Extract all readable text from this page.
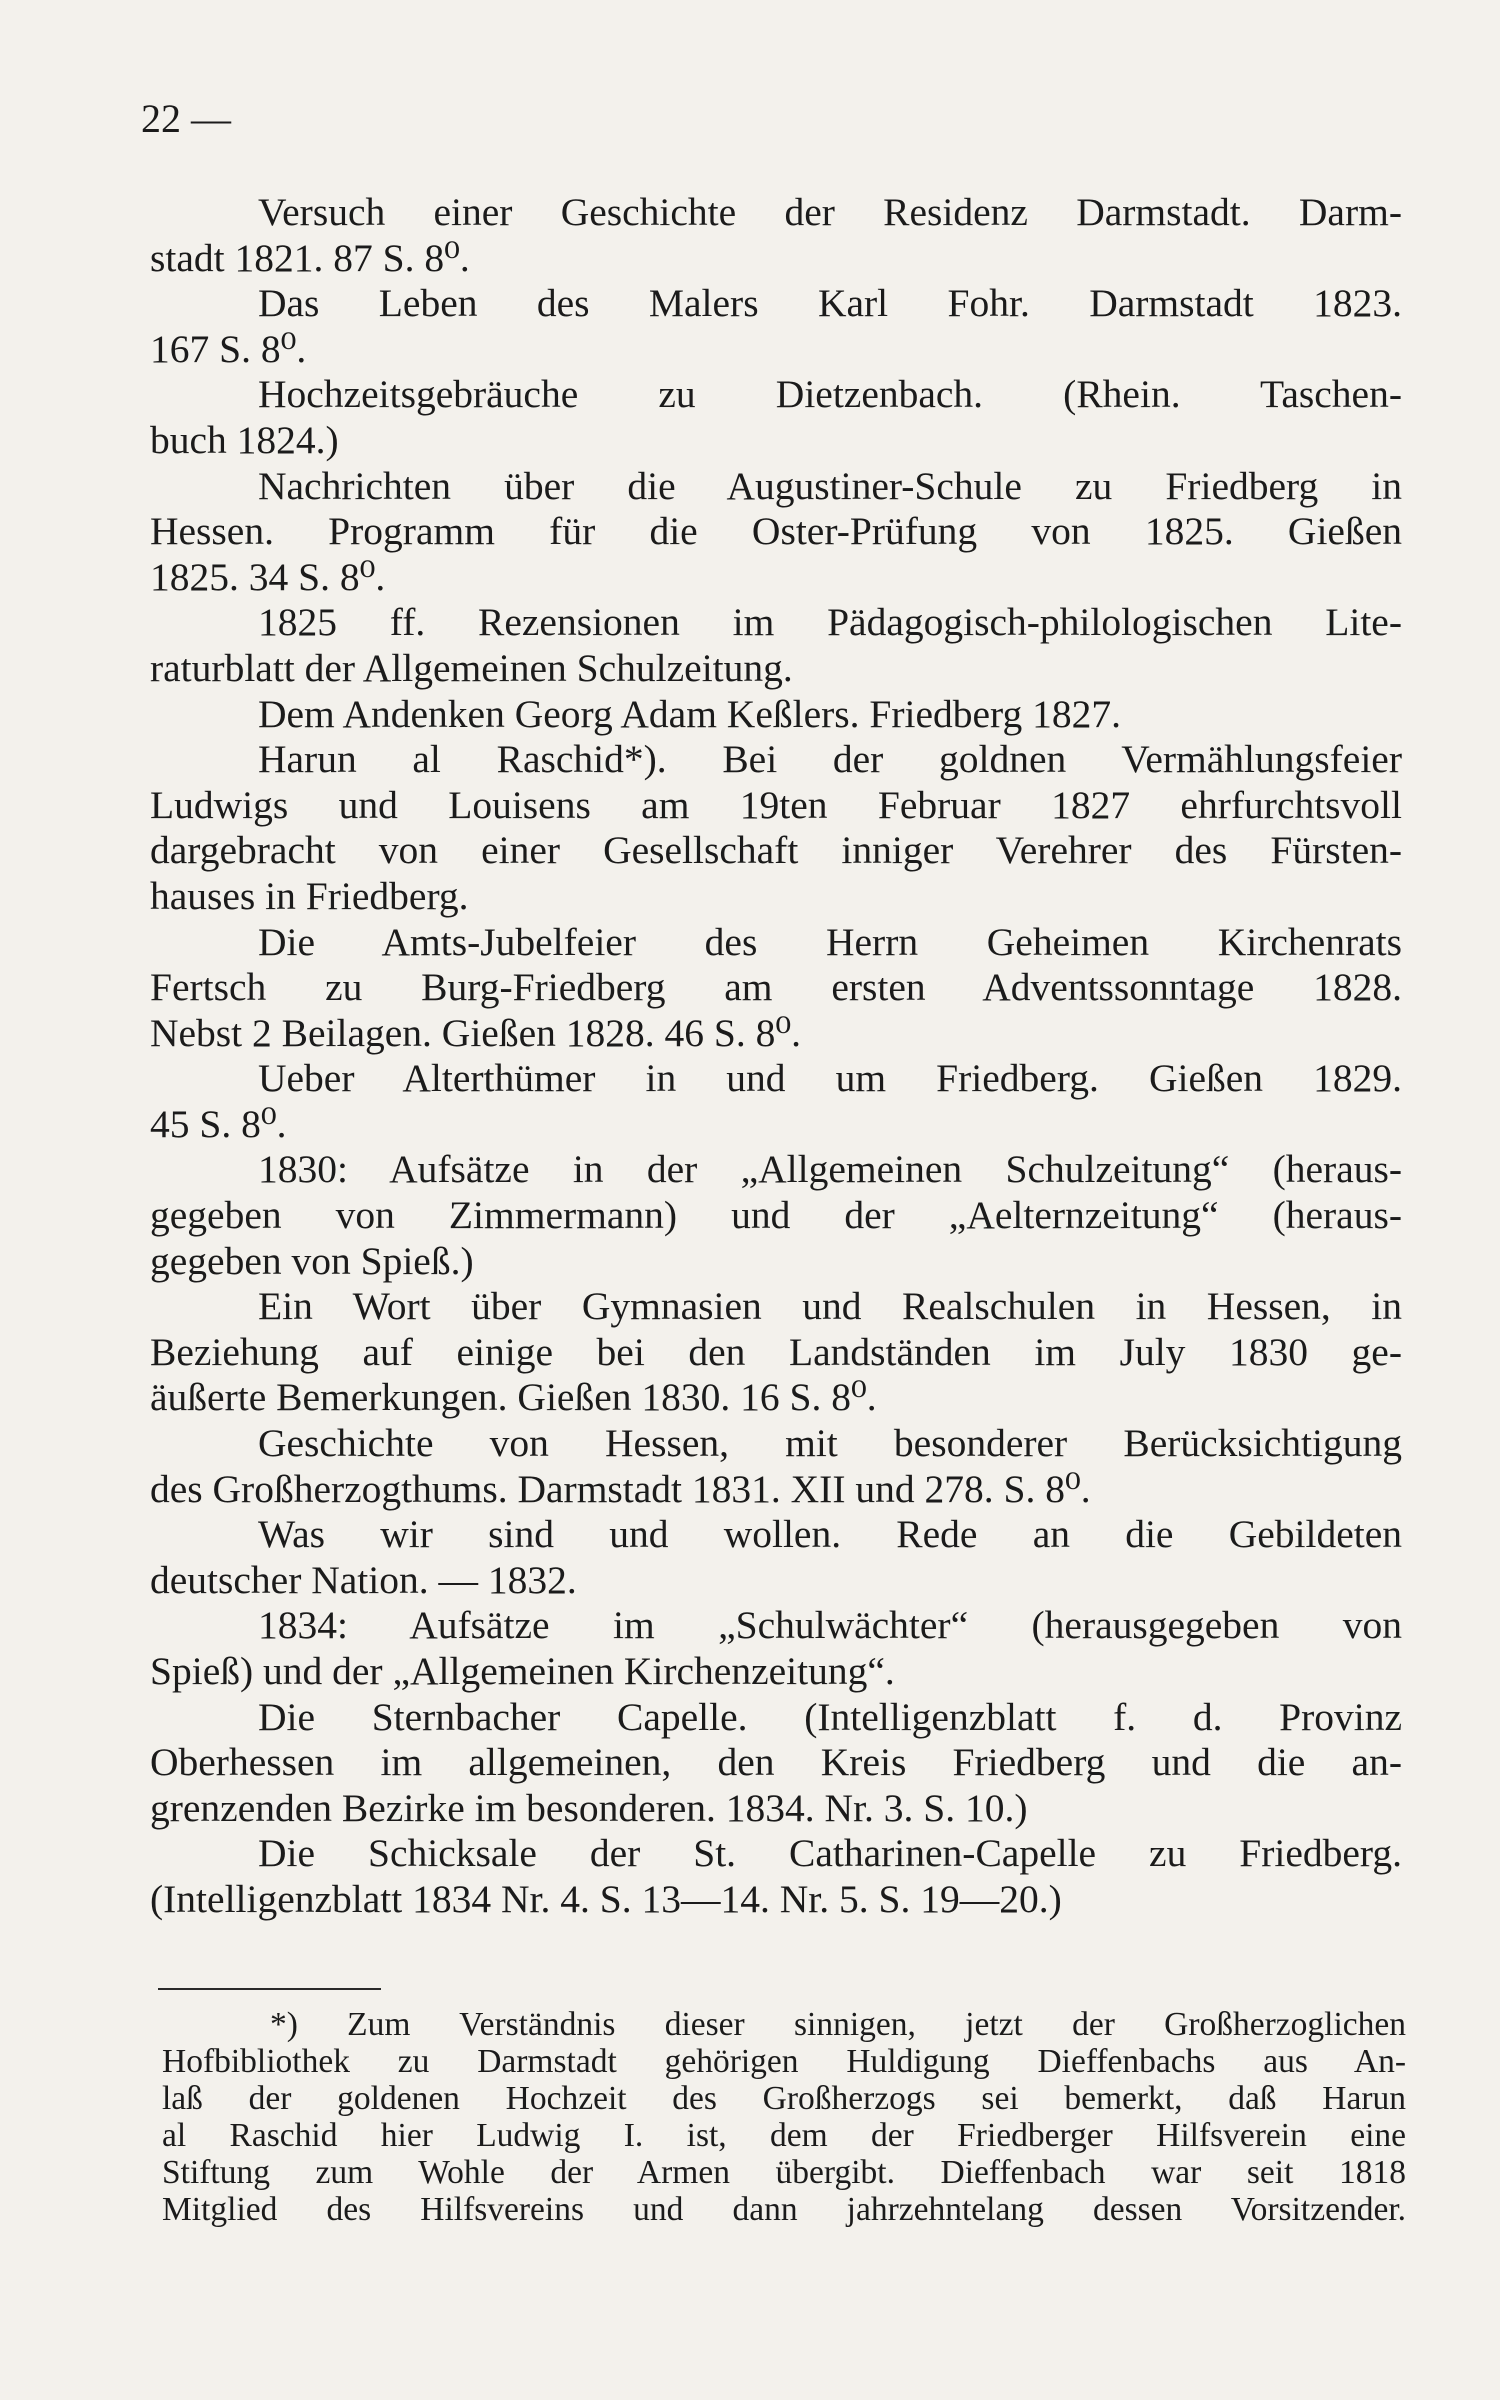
22 —

Versuch einer Geschichte der Residenz Darmstadt. Darm-
stadt 1821. 87 S. 8⁰.

Das Leben des Malers Karl Fohr. Darmstadt 1823.
167 S. 8⁰.

Hochzeitsgebräuche zu Dietzenbach. (Rhein. Taschen-
buch 1824.)

Nachrichten über die Augustiner-Schule zu Friedberg in
Hessen. Programm für die Oster-Prüfung von 1825. Gießen
1825. 34 S. 8⁰.

1825 ff. Rezensionen im Pädagogisch-philologischen Lite-
raturblatt der Allgemeinen Schulzeitung.

Dem Andenken Georg Adam Keßlers. Friedberg 1827.

Harun al Raschid*). Bei der goldnen Vermählungsfeier
Ludwigs und Louisens am 19ten Februar 1827 ehrfurchtsvoll
dargebracht von einer Gesellschaft inniger Verehrer des Fürsten-
hauses in Friedberg.

Die Amts-Jubelfeier des Herrn Geheimen Kirchenrats
Fertsch zu Burg-Friedberg am ersten Adventssonntage 1828.
Nebst 2 Beilagen. Gießen 1828. 46 S. 8⁰.

Ueber Alterthümer in und um Friedberg. Gießen 1829.
45 S. 8⁰.

1830: Aufsätze in der „Allgemeinen Schulzeitung“ (heraus-
gegeben von Zimmermann) und der „Aelternzeitung“ (heraus-
gegeben von Spieß.)

Ein Wort über Gymnasien und Realschulen in Hessen, in
Beziehung auf einige bei den Landständen im July 1830 ge-
äußerte Bemerkungen. Gießen 1830. 16 S. 8⁰.

Geschichte von Hessen, mit besonderer Berücksichtigung
des Großherzogthums. Darmstadt 1831. XII und 278. S. 8⁰.

Was wir sind und wollen. Rede an die Gebildeten
deutscher Nation. — 1832.

1834: Aufsätze im „Schulwächter“ (herausgegeben von
Spieß) und der „Allgemeinen Kirchenzeitung“.

Die Sternbacher Capelle. (Intelligenzblatt f. d. Provinz
Oberhessen im allgemeinen, den Kreis Friedberg und die an-
grenzenden Bezirke im besonderen. 1834. Nr. 3. S. 10.)

Die Schicksale der St. Catharinen-Capelle zu Friedberg.
(Intelligenzblatt 1834 Nr. 4. S. 13—14. Nr. 5. S. 19—20.)

*) Zum Verständnis dieser sinnigen, jetzt der Großherzoglichen
Hofbibliothek zu Darmstadt gehörigen Huldigung Dieffenbachs aus An-
laß der goldenen Hochzeit des Großherzogs sei bemerkt, daß Harun
al Raschid hier Ludwig I. ist, dem der Friedberger Hilfsverein eine
Stiftung zum Wohle der Armen übergibt. Dieffenbach war seit 1818
Mitglied des Hilfsvereins und dann jahrzehntelang dessen Vorsitzender.
